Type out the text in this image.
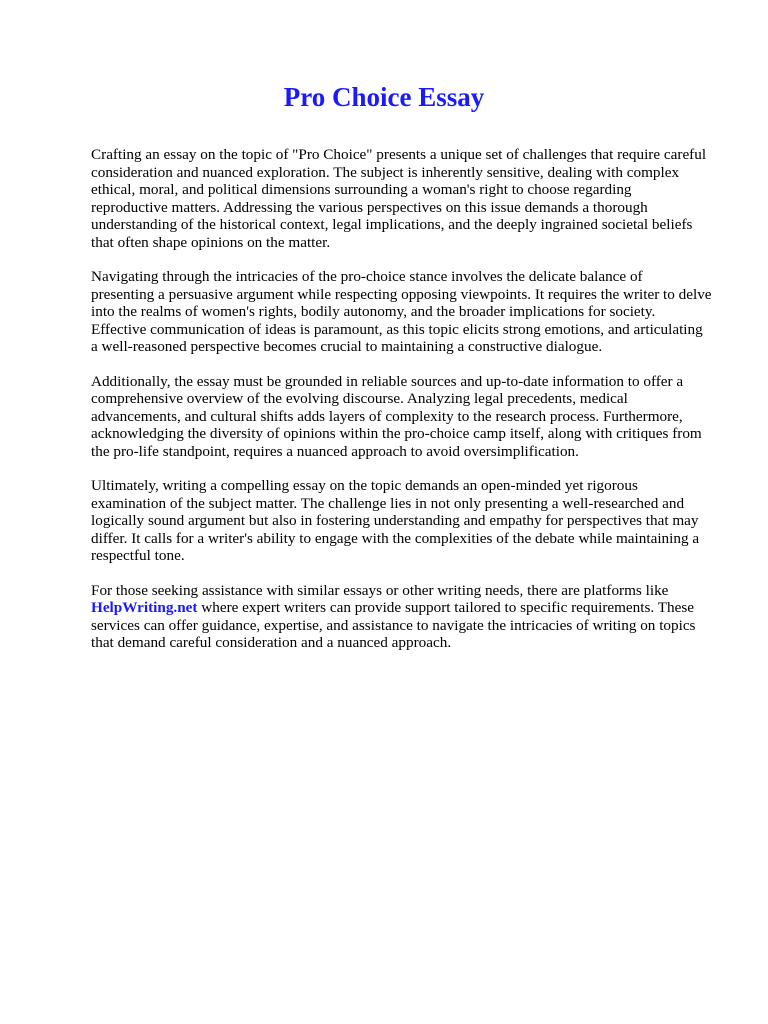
Pro Choice Essay

Crafting an essay on the topic of "Pro Choice" presents a unique set of challenges that require careful
consideration and nuanced exploration. The subject is inherently sensitive, dealing with complex
ethical, moral, and political dimensions surrounding a woman's right to choose regarding
reproductive matters. Addressing the various perspectives on this issue demands a thorough
understanding of the historical context, legal implications, and the deeply ingrained societal beliefs
that often shape opinions on the matter.

Navigating through the intricacies of the pro-choice stance involves the delicate balance of
presenting a persuasive argument while respecting opposing viewpoints. It requires the writer to delve
into the realms of women's rights, bodily autonomy, and the broader implications for society.
Effective communication of ideas is paramount, as this topic elicits strong emotions, and articulating
a well-reasoned perspective becomes crucial to maintaining a constructive dialogue.

Additionally, the essay must be grounded in reliable sources and up-to-date information to offer a
comprehensive overview of the evolving discourse. Analyzing legal precedents, medical
advancements, and cultural shifts adds layers of complexity to the research process. Furthermore,
acknowledging the diversity of opinions within the pro-choice camp itself, along with critiques from
the pro-life standpoint, requires a nuanced approach to avoid oversimplification.

Ultimately, writing a compelling essay on the topic demands an open-minded yet rigorous
examination of the subject matter. The challenge lies in not only presenting a well-researched and
logically sound argument but also in fostering understanding and empathy for perspectives that may
differ. It calls for a writer's ability to engage with the complexities of the debate while maintaining a
respectful tone.

For those seeking assistance with similar essays or other writing needs, there are platforms like
HelpWriting.net where expert writers can provide support tailored to specific requirements. These
services can offer guidance, expertise, and assistance to navigate the intricacies of writing on topics
that demand careful consideration and a nuanced approach.
